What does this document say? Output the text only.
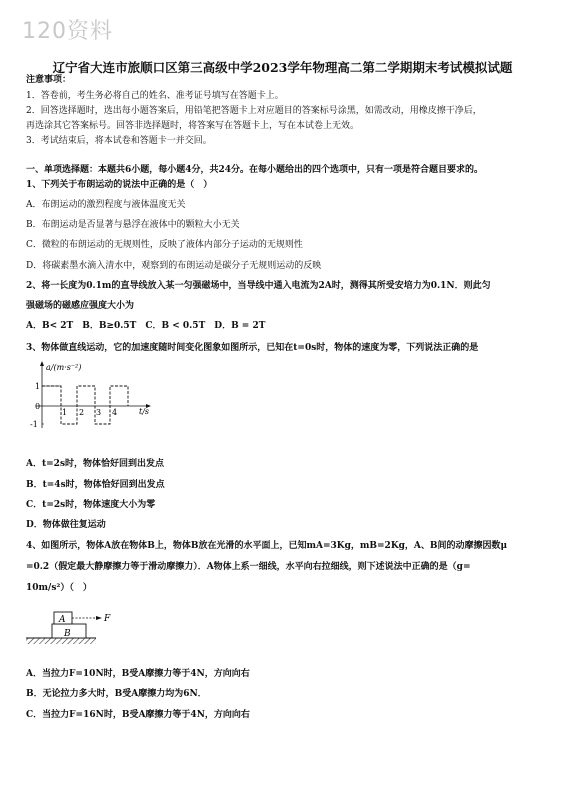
120资料
辽宁省大连市旅顺口区第三高级中学2023学年物理高二第二学期期末考试模拟试题
注意事项：
1．答卷前，考生务必将自己的姓名、准考证号填写在答题卡上。
2．回答选择题时，选出每小题答案后，用铅笔把答题卡上对应题目的答案标号涂黑，如需改动，用橡皮擦干净后，
再选涂其它答案标号。回答非选择题时，将答案写在答题卡上，写在本试卷上无效。
3．考试结束后，将本试卷和答题卡一并交回。
一、单项选择题：本题共6小题，每小题4分，共24分。在每小题给出的四个选项中，只有一项是符合题目要求的。
1、下列关于布朗运动的说法中正确的是（　）
A．布朗运动的激烈程度与液体温度无关
B．布朗运动是否显著与悬浮在液体中的颗粒大小无关
C．微粒的布朗运动的无规则性，反映了液体内部分子运动的无规则性
D．将碳素墨水滴入清水中，观察到的布朗运动是碳分子无规则运动的反映
2、将一长度为0.1m的直导线放入某一匀强磁场中，当导线中通入电流为2A时，测得其所受安培力为0.1N．则此匀
强磁场的磁感应强度大小为
A．B< 2T　B．B≥0.5T　C．B < 0.5T　D．B = 2T
3、物体做直线运动，它的加速度随时间变化图象如图所示，已知在t=0s时，物体的速度为零，下列说法正确的是
a/(m·s⁻²)
t/s
1
0
-1
1 2 3 4
A．t=2s时，物体恰好回到出发点
B．t=4s时，物体恰好回到出发点
C．t=2s时，物体速度大小为零
D．物体做往复运动
4、如图所示，物体A放在物体B上，物体B放在光滑的水平面上，已知mA=3Kg，mB=2Kg，A、B间的动摩擦因数μ
=0.2（假定最大静摩擦力等于滑动摩擦力）．A物体上系一细线，水平向右拉细线，则下述说法中正确的是（g=
10m/s²）（　）
A
B
F
A．当拉力F=10N时，B受A摩擦力等于4N，方向向右
B．无论拉力多大时，B受A摩擦力均为6N．
C．当拉力F=16N时，B受A摩擦力等于4N，方向向右
